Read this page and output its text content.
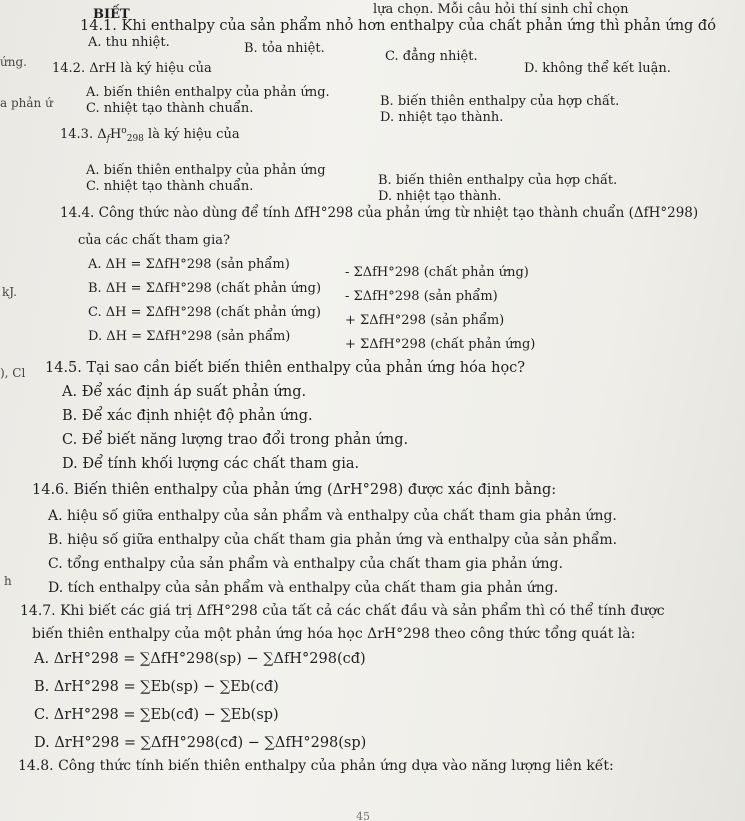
BIẾT	lựa chọn. Mỗi câu hỏi thí sinh chỉ chọn
ứng.
a phản ứ
kJ.
), Cl
h
14.1. Khi enthalpy của sản phẩm nhỏ hơn enthalpy của chất phản ứng thì phản ứng đó
A. thu nhiệt.	B. tỏa nhiệt.
C. đẳng nhiệt.
D. không thể kết luận.
14.2. ΔrH là ký hiệu của
A. biến thiên enthalpy của phản ứng.
B. biến thiên enthalpy của hợp chất.
C. nhiệt tạo thành chuẩn.
D. nhiệt tạo thành.
14.3. $\Delta_fH^o_{298}$ là ký hiệu của
A. biến thiên enthalpy của phản ứng
B. biến thiên enthalpy của hợp chất.
C. nhiệt tạo thành chuẩn.
D. nhiệt tạo thành.
14.4. Công thức nào dùng để tính ΔfH°298 của phản ứng từ nhiệt tạo thành chuẩn (ΔfH°298)
của các chất tham gia?
A. ΔH = ΣΔfH°298 (sản phẩm)
- ΣΔfH°298 (chất phản ứng)
B. ΔH = ΣΔfH°298 (chất phản ứng)
- ΣΔfH°298 (sản phẩm)
C. ΔH = ΣΔfH°298 (chất phản ứng)
+ ΣΔfH°298 (sản phẩm)
D. ΔH = ΣΔfH°298 (sản phẩm)
+ ΣΔfH°298 (chất phản ứng)
14.5. Tại sao cần biết biến thiên enthalpy của phản ứng hóa học?
A. Để xác định áp suất phản ứng.
B. Để xác định nhiệt độ phản ứng.
C. Để biết năng lượng trao đổi trong phản ứng.
D. Để tính khối lượng các chất tham gia.
14.6. Biến thiên enthalpy của phản ứng (ΔrH°298) được xác định bằng:
A. hiệu số giữa enthalpy của sản phẩm và enthalpy của chất tham gia phản ứng.
B. hiệu số giữa enthalpy của chất tham gia phản ứng và enthalpy của sản phẩm.
C. tổng enthalpy của sản phẩm và enthalpy của chất tham gia phản ứng.
D. tích enthalpy của sản phẩm và enthalpy của chất tham gia phản ứng.
14.7. Khi biết các giá trị ΔfH°298 của tất cả các chất đầu và sản phẩm thì có thể tính được
biến thiên enthalpy của một phản ứng hóa học ΔrH°298 theo công thức tổng quát là:
A. ΔrH°298 = ∑ΔfH°298(sp) − ∑ΔfH°298(cđ)
B. ΔrH°298 = ∑Eb(sp) − ∑Eb(cđ)
C. ΔrH°298 = ∑Eb(cđ) − ∑Eb(sp)
D. ΔrH°298 = ∑ΔfH°298(cđ) − ∑ΔfH°298(sp)
14.8. Công thức tính biến thiên enthalpy của phản ứng dựa vào năng lượng liên kết:
45
